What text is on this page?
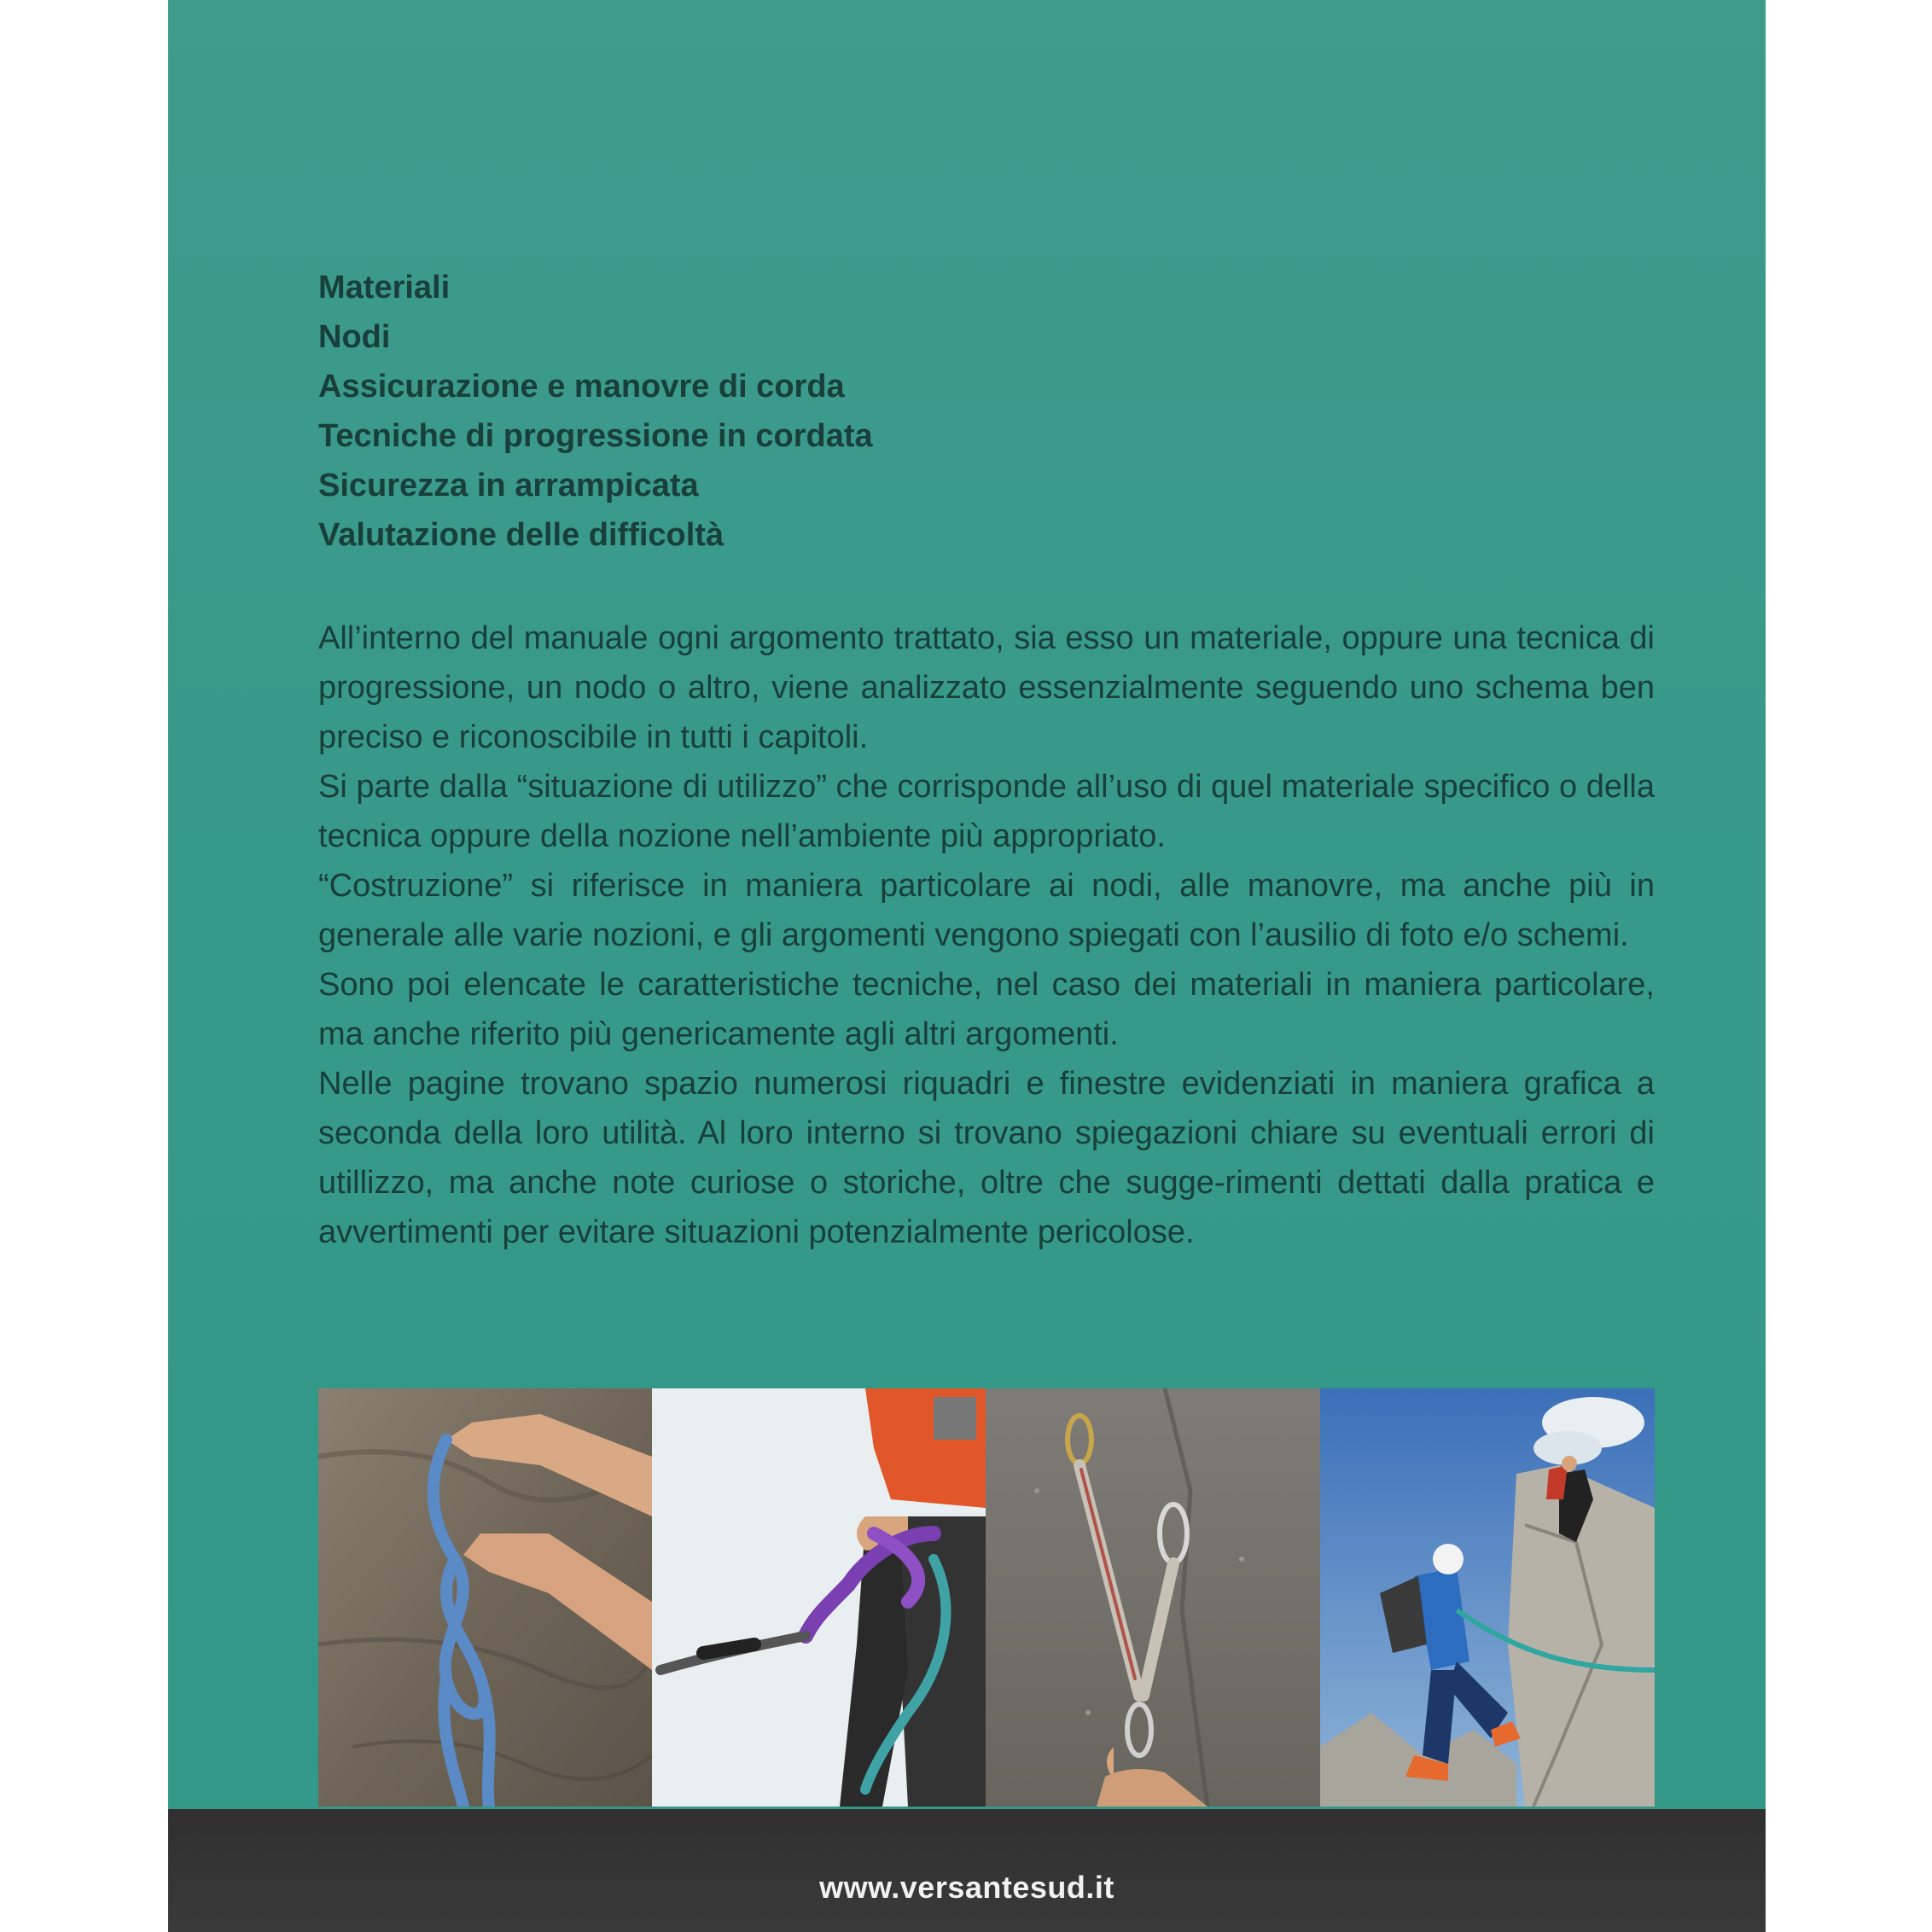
Materiali
Nodi
Assicurazione e manovre di corda
Tecniche di progressione in cordata
Sicurezza in arrampicata
Valutazione delle difficoltà

All’interno del manuale ogni argomento trattato, sia esso un materiale, oppure una tecnica di progressione, un nodo o altro, viene analizzato essenzialmente seguendo uno schema ben preciso e riconoscibile in tutti i capitoli.

Si parte dalla “situazione di utilizzo” che corrisponde all’uso di quel materiale specifico o della tecnica oppure della nozione nell’ambiente più appropriato.

“Costruzione” si riferisce in maniera particolare ai nodi, alle manovre, ma anche più in generale alle varie nozioni, e gli argomenti vengono spiegati con l’ausilio di foto e/o schemi.

Sono poi elencate le caratteristiche tecniche, nel caso dei materiali in maniera particolare, ma anche riferito più genericamente agli altri argomenti.

Nelle pagine trovano spazio numerosi riquadri e finestre evidenziati in maniera grafica a seconda della loro utilità. Al loro interno si trovano spiegazioni chiare su eventuali errori di utillizzo, ma anche note curiose o storiche, oltre che sugge-rimenti dettati dalla pratica e avvertimenti per evitare situazioni potenzialmente pericolose.

www.versantesud.it
